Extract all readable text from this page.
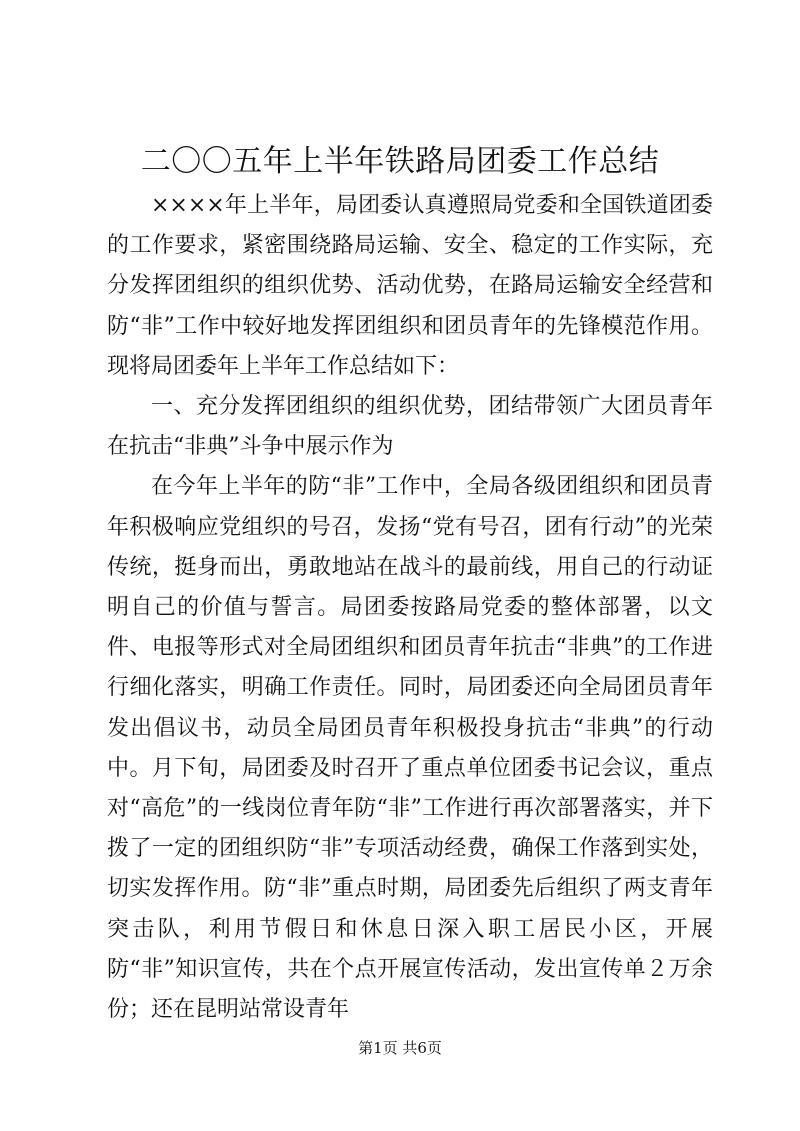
二〇〇五年上半年铁路局团委工作总结

××××年上半年，局团委认真遵照局党委和全国铁道团委的工作要求，紧密围绕路局运输、安全、稳定的工作实际，充分发挥团组织的组织优势、活动优势，在路局运输安全经营和防“非”工作中较好地发挥团组织和团员青年的先锋模范作用。现将局团委年上半年工作总结如下：

一、充分发挥团组织的组织优势，团结带领广大团员青年在抗击“非典”斗争中展示作为

在今年上半年的防“非”工作中，全局各级团组织和团员青年积极响应党组织的号召，发扬“党有号召，团有行动”的光荣传统，挺身而出，勇敢地站在战斗的最前线，用自己的行动证明自己的价值与誓言。局团委按路局党委的整体部署，以文件、电报等形式对全局团组织和团员青年抗击“非典”的工作进行细化落实，明确工作责任。同时，局团委还向全局团员青年发出倡议书，动员全局团员青年积极投身抗击“非典”的行动中。月下旬，局团委及时召开了重点单位团委书记会议，重点对“高危”的一线岗位青年防“非”工作进行再次部署落实，并下拨了一定的团组织防“非”专项活动经费，确保工作落到实处，切实发挥作用。防“非”重点时期，局团委先后组织了两支青年突击队，利用节假日和休息日深入职工居民小区，开展防“非”知识宣传，共在个点开展宣传活动，发出宣传单２万余份；还在昆明站常设青年

第1页 共6页
